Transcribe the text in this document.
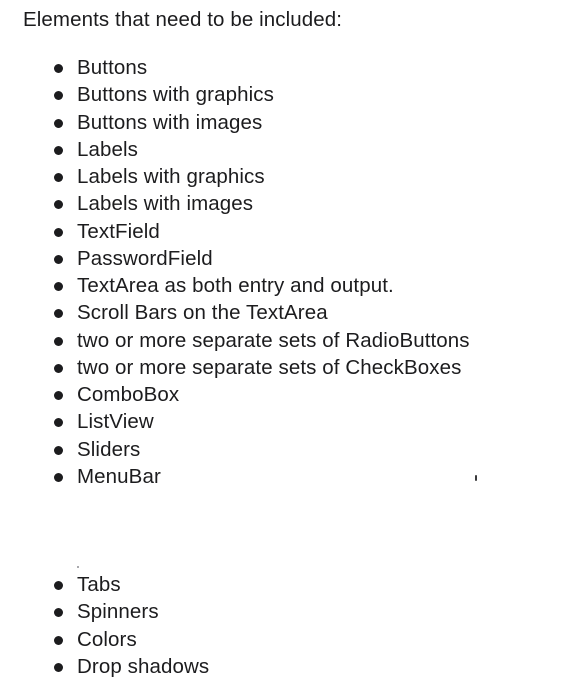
Elements that need to be included:
Buttons
Buttons with graphics
Buttons with images
Labels
Labels with graphics
Labels with images
TextField
PasswordField
TextArea as both entry and output.
Scroll Bars on the TextArea
two or more separate sets of RadioButtons
two or more separate sets of CheckBoxes
ComboBox
ListView
Sliders
MenuBar
Tabs
Spinners
Colors
Drop shadows
